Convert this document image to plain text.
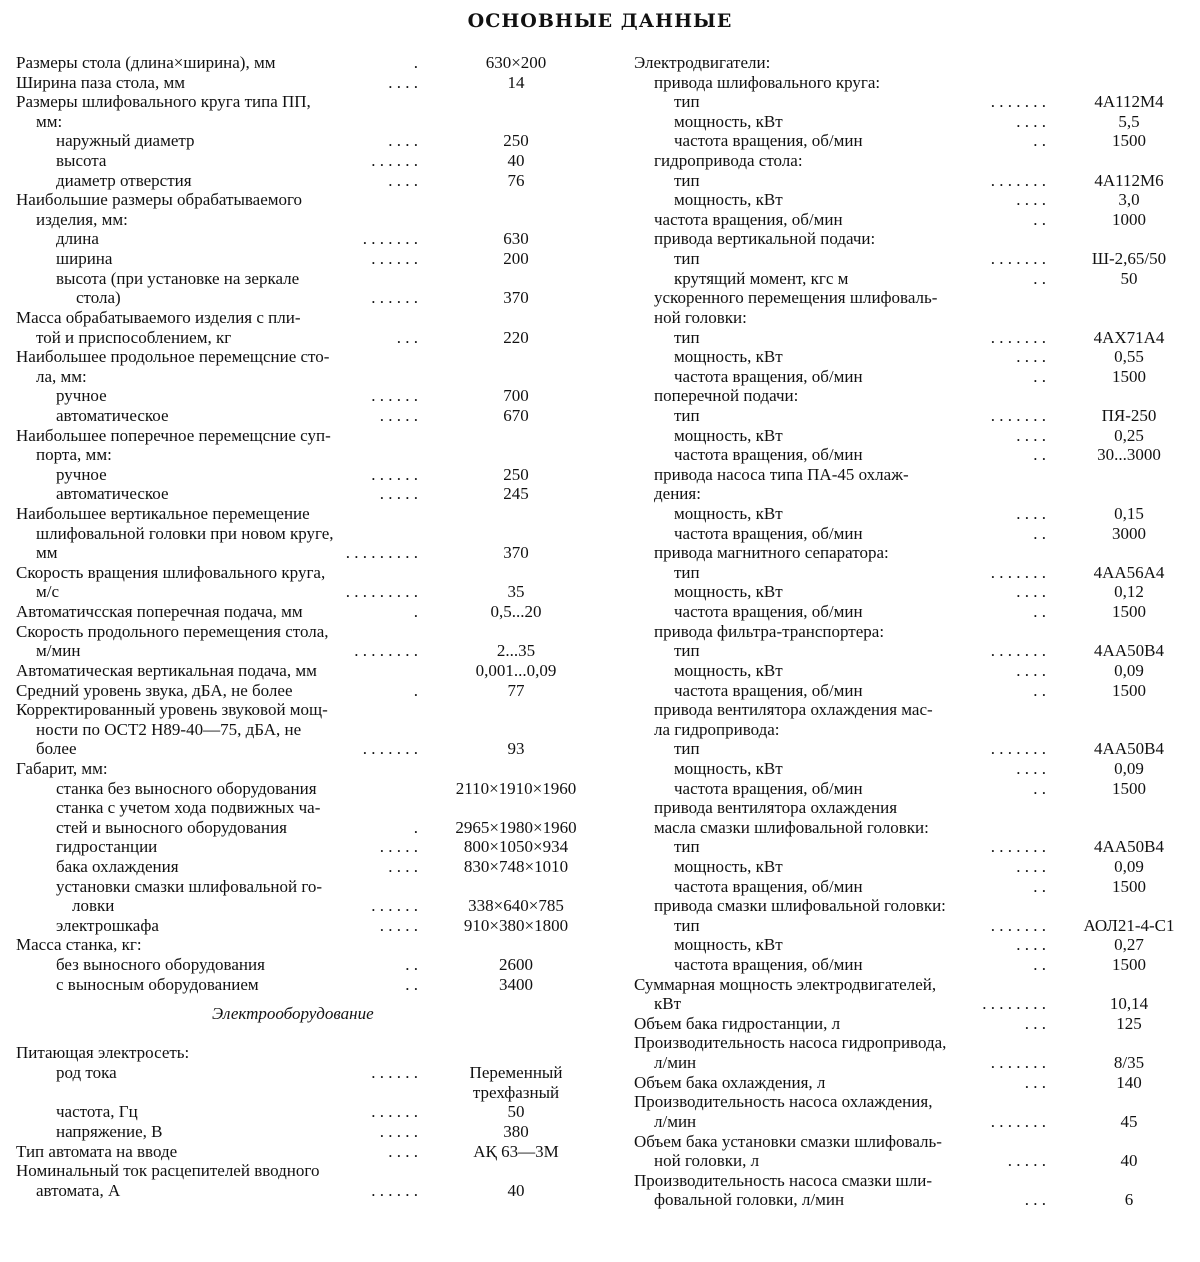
ОСНОВНЫЕ ДАННЫЕ
Размеры стола (длина×ширина), мм	.	630×200
Ширина паза стола, мм	. . . .	14
Размеры шлифовального круга типа ПП,
мм:
наружный диаметр	. . . .	250
высота	. . . . . .	40
диаметр отверстия	. . . .	76
Наибольшие размеры обрабатываемого
изделия, мм:
длина	. . . . . . .	630
ширина	. . . . . .	200
высота (при установке на зеркале
стола)	. . . . . .	370
Масса обрабатываемого изделия с пли-
той и приспособлением, кг	. . .	220
Наибольшее продольное перемещсние сто-
ла, мм:
ручное	. . . . . .	700
автоматическое	. . . . .	670
Наибольшее поперечное перемещсние суп-
порта, мм:
ручное	. . . . . .	250
автоматическое	. . . . .	245
Наибольшее вертикальное перемещение
шлифовальной головки при новом круге,
мм	. . . . . . . . .	370
Скорость вращения шлифовального круга,
м/с	. . . . . . . . .	35
Автоматичсская поперечная подача, мм	.	0,5...20
Скорость продольного перемещения стола,
м/мин	. . . . . . . .	2...35
Автоматическая вертикальная подача, мм	0,001...0,09
Средний уровень звука, дБА, не более	.	77
Корректированный уровень звуковой мощ-
ности по ОСТ2 Н89-40—75, дБА, не
более	. . . . . . .	93
Габарит, мм:
станка без выносного оборудования	2110×1910×1960
станка с учетом хода подвижных ча-
стей и выносного оборудования	.	2965×1980×1960
гидростанции	. . . . .	800×1050×934
бака охлаждения	. . . .	830×748×1010
установки смазки шлифовальной го-
ловки	. . . . . .	338×640×785
электрошкафа	. . . . .	910×380×1800
Масса станка, кг:
без выносного оборудования	. .	2600
с выносным оборудованием	. .	3400
Электрооборудование
Питающая электросеть:
род тока	. . . . . .	Переменный
трехфазный
частота, Гц	. . . . . .	50
напряжение, В	. . . . .	380
Тип автомата на вводе	. . . .	АҚ 63—3М
Номинальный ток расцепителей вводного
автомата, А	. . . . . .	40
Электродвигатели:
привода шлифовального круга:
тип	. . . . . . .	4А112М4
мощность, кВт	. . . .	5,5
частота вращения, об/мин	. .	1500
гидропривода стола:
тип	. . . . . . .	4А112М6
мощность, кВт	. . . .	3,0
частота вращения, об/мин	. .	1000
привода вертикальной подачи:
тип	. . . . . . .	Ш-2,65/50
крутящий момент, кгс м	. .	50
ускоренного перемещения шлифоваль-
ной головки:
тип	. . . . . . .	4АХ71А4
мощность, кВт	. . . .	0,55
частота вращения, об/мин	. .	1500
поперечной подачи:
тип	. . . . . . .	ПЯ-250
мощность, кВт	. . . .	0,25
частота вращения, об/мин	. .	30...3000
привода насоса типа ПА-45 охлаж-
дения:
мощность, кВт	. . . .	0,15
частота вращения, об/мин	. .	3000
привода магнитного сепаратора:
тип	. . . . . . .	4АА56А4
мощность, кВт	. . . .	0,12
частота вращения, об/мин	. .	1500
привода фильтра-транспортера:
тип	. . . . . . .	4АА50В4
мощность, кВт	. . . .	0,09
частота вращения, об/мин	. .	1500
привода вентилятора охлаждения мас-
ла гидропривода:
тип	. . . . . . .	4АА50В4
мощность, кВт	. . . .	0,09
частота вращения, об/мин	. .	1500
привода вентилятора охлаждения
масла смазки шлифовальной головки:
тип	. . . . . . .	4АА50В4
мощность, кВт	. . . .	0,09
частота вращения, об/мин	. .	1500
привода смазки шлифовальной головки:
тип	. . . . . . .	АОЛ21-4-С1
мощность, кВт	. . . .	0,27
частота вращения, об/мин	. .	1500
Суммарная мощность электродвигателей,
кВт	. . . . . . . .	10,14
Объем бака гидростанции, л	. . .	125
Производительность насоса гидропривода,
л/мин	. . . . . . .	8/35
Объем бака охлаждения, л	. . .	140
Производительность насоса охлаждения,
л/мин	. . . . . . .	45
Объем бака установки смазки шлифоваль-
ной головки, л	. . . . .	40
Производительность насоса смазки шли-
фовальной головки, л/мин	. . .	6
